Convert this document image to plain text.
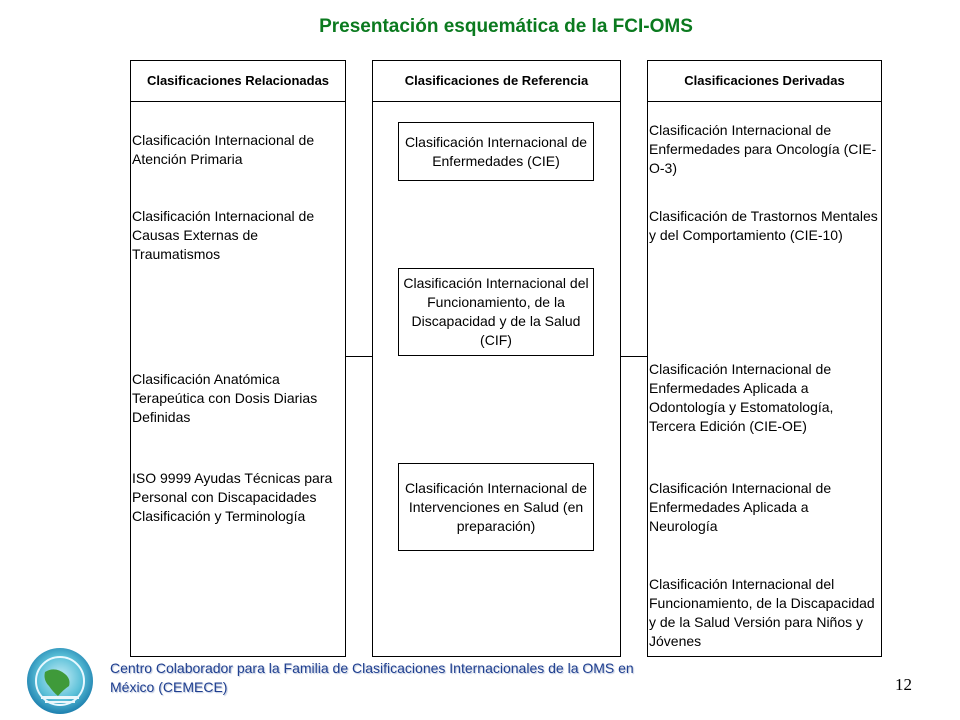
Presentación esquemática de la FCI-OMS
Clasificaciones Relacionadas
Clasificación Internacional de Atención Primaria
Clasificación Internacional de Causas Externas de Traumatismos
Clasificación Anatómica Terapeútica con Dosis Diarias Definidas
ISO 9999 Ayudas Técnicas para Personal con Discapacidades Clasificación y Terminología
Clasificaciones de Referencia
Clasificación Internacional de Enfermedades (CIE)
Clasificación Internacional del Funcionamiento, de la Discapacidad y de la Salud (CIF)
Clasificación Internacional de Intervenciones en Salud (en preparación)
Clasificaciones Derivadas
Clasificación Internacional de Enfermedades para Oncología (CIE-O-3)
Clasificación de Trastornos Mentales y del Comportamiento (CIE-10)
Clasificación Internacional de Enfermedades Aplicada a Odontología y Estomatología, Tercera Edición (CIE-OE)
Clasificación Internacional de Enfermedades Aplicada a Neurología
Clasificación Internacional del Funcionamiento, de la Discapacidad y de la Salud Versión para Niños y Jóvenes
Centro Colaborador para la Familia de Clasificaciones Internacionales de la OMS en México (CEMECE)	12
